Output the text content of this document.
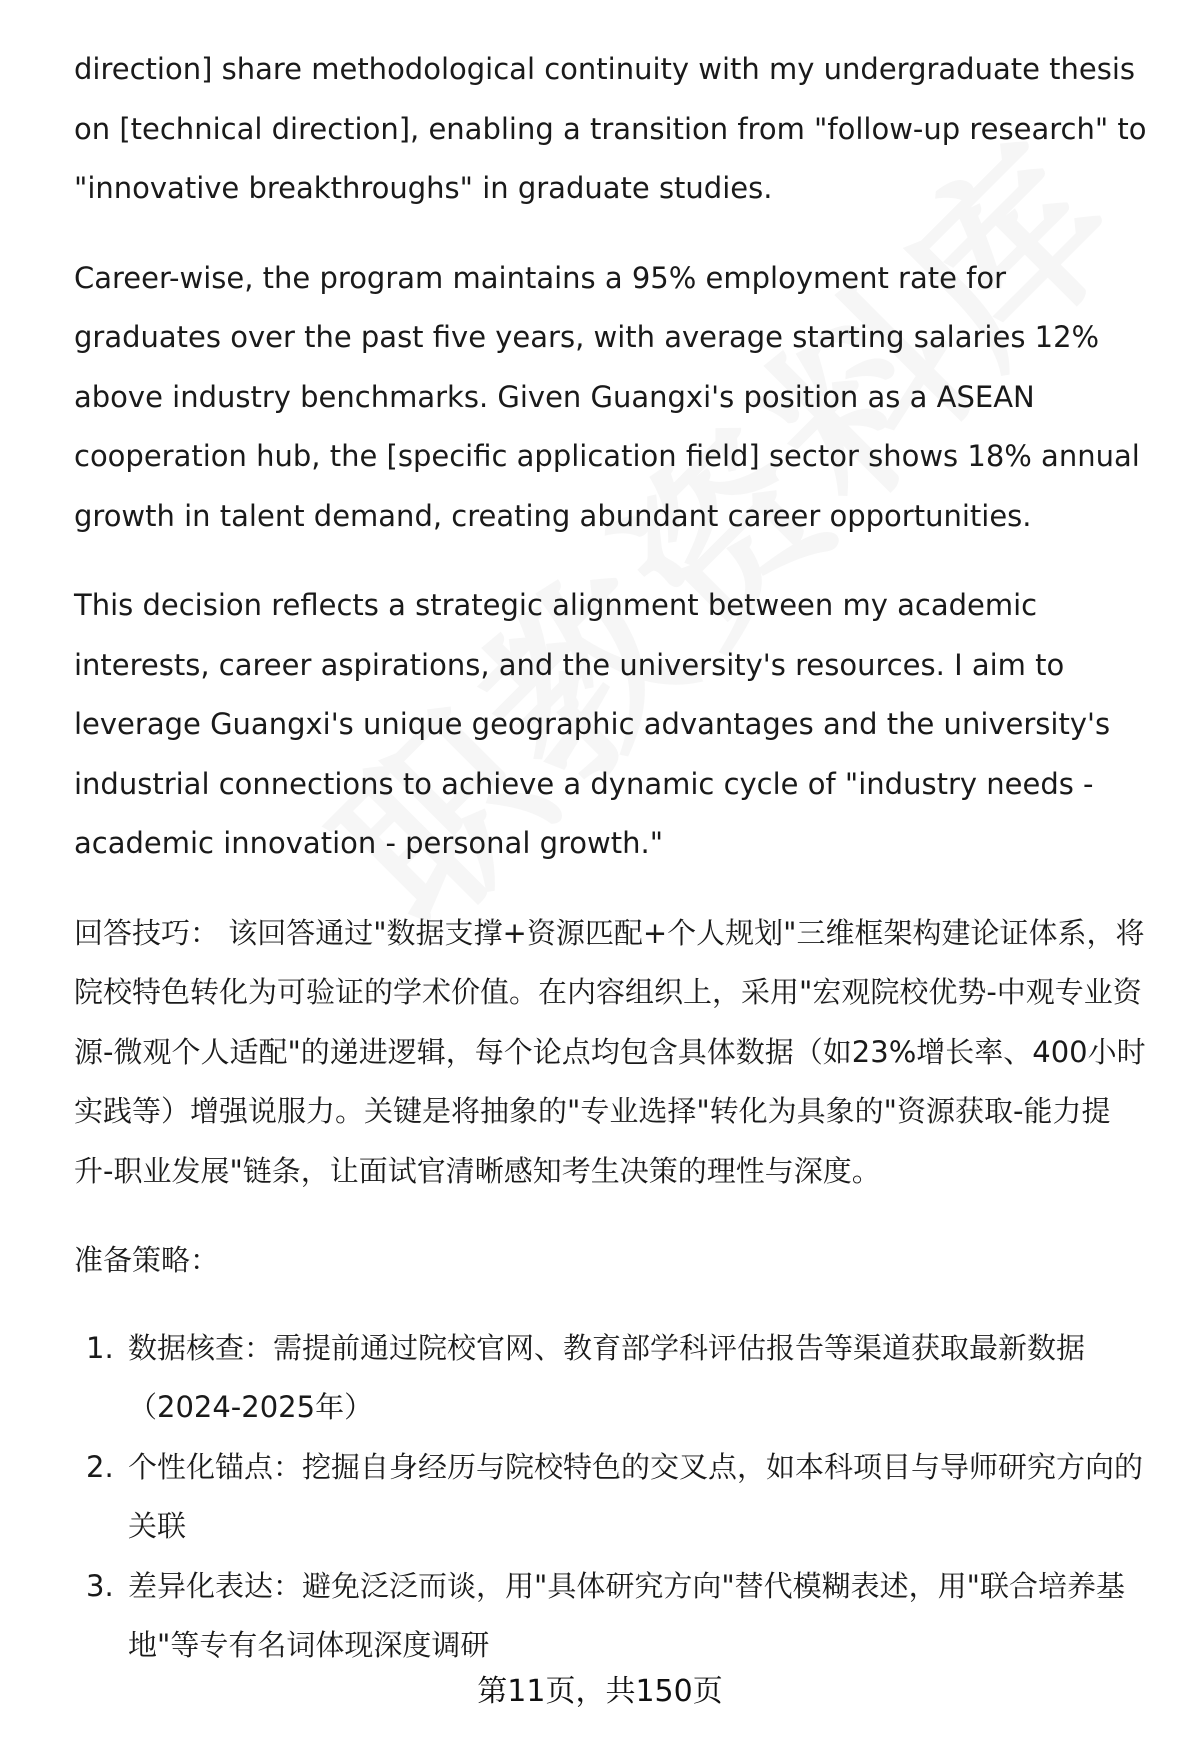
direction] share methodological continuity with my undergraduate thesis on [technical direction], enabling a transition from "follow-up research" to "innovative breakthroughs" in graduate studies.

Career-wise, the program maintains a 95% employment rate for graduates over the past five years, with average starting salaries 12% above industry benchmarks. Given Guangxi's position as a ASEAN cooperation hub, the [specific application field] sector shows 18% annual growth in talent demand, creating abundant career opportunities.

This decision reflects a strategic alignment between my academic interests, career aspirations, and the university's resources. I aim to leverage Guangxi's unique geographic advantages and the university's industrial connections to achieve a dynamic cycle of "industry needs - academic innovation - personal growth."

回答技巧： 该回答通过"数据支撑+资源匹配+个人规划"三维框架构建论证体系，将院校特色转化为可验证的学术价值。在内容组织上，采用"宏观院校优势-中观专业资源-微观个人适配"的递进逻辑，每个论点均包含具体数据（如23%增长率、400小时实践等）增强说服力。关键是将抽象的"专业选择"转化为具象的"资源获取-能力提升-职业发展"链条，让面试官清晰感知考生决策的理性与深度。

准备策略：

1. 数据核查：需提前通过院校官网、教育部学科评估报告等渠道获取最新数据（2024-2025年）
2. 个性化锚点：挖掘自身经历与院校特色的交叉点，如本科项目与导师研究方向的关联
3. 差异化表达：避免泛泛而谈，用"具体研究方向"替代模糊表述，用"联合培养基地"等专有名词体现深度调研
第11页，共150页
